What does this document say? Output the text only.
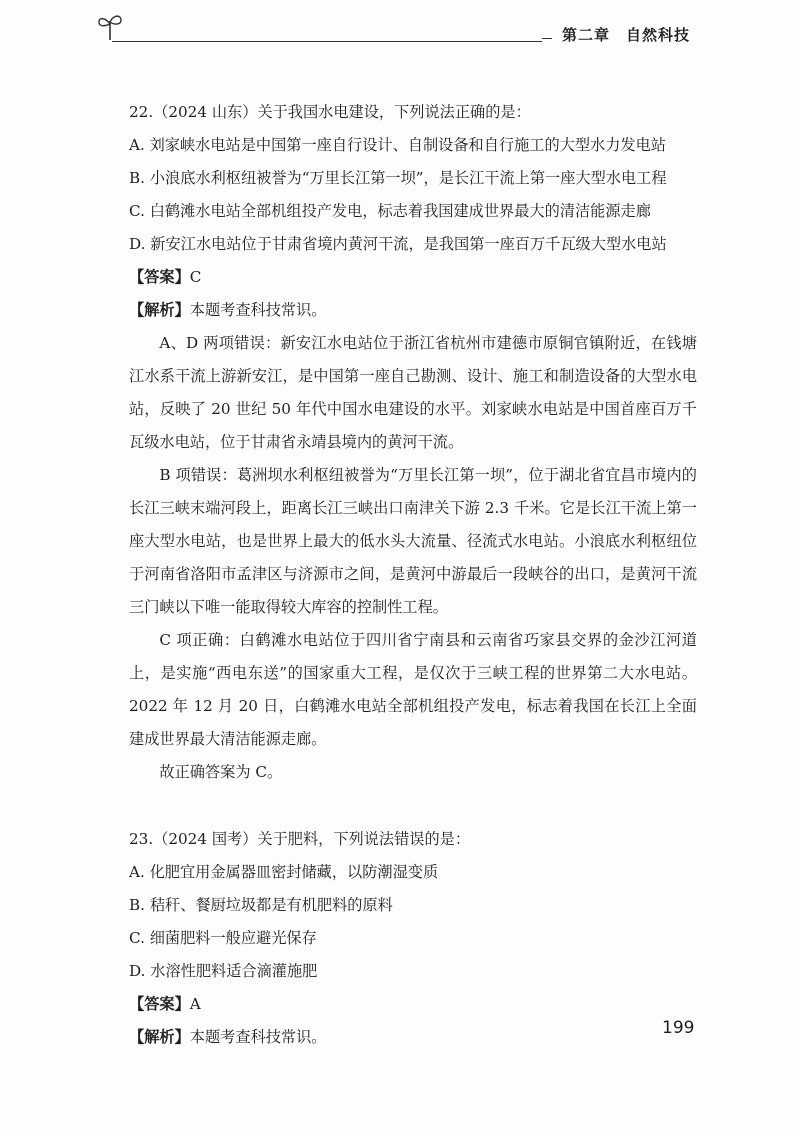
第二章 自然科技

22.（2024 山东）关于我国水电建设，下列说法正确的是：

A. 刘家峡水电站是中国第一座自行设计、自制设备和自行施工的大型水力发电站

B. 小浪底水利枢纽被誉为“万里长江第一坝”，是长江干流上第一座大型水电工程

C. 白鹤滩水电站全部机组投产发电，标志着我国建成世界最大的清洁能源走廊

D. 新安江水电站位于甘肃省境内黄河干流，是我国第一座百万千瓦级大型水电站

【答案】C

【解析】本题考查科技常识。

A、D 两项错误：新安江水电站位于浙江省杭州市建德市原铜官镇附近，在钱塘江水系干流上游新安江，是中国第一座自己勘测、设计、施工和制造设备的大型水电站，反映了 20 世纪 50 年代中国水电建设的水平。刘家峡水电站是中国首座百万千瓦级水电站，位于甘肃省永靖县境内的黄河干流。

B 项错误：葛洲坝水利枢纽被誉为“万里长江第一坝”，位于湖北省宜昌市境内的长江三峡末端河段上，距离长江三峡出口南津关下游 2.3 千米。它是长江干流上第一座大型水电站，也是世界上最大的低水头大流量、径流式水电站。小浪底水利枢纽位于河南省洛阳市孟津区与济源市之间，是黄河中游最后一段峡谷的出口，是黄河干流三门峡以下唯一能取得较大库容的控制性工程。

C 项正确：白鹤滩水电站位于四川省宁南县和云南省巧家县交界的金沙江河道上，是实施“西电东送”的国家重大工程，是仅次于三峡工程的世界第二大水电站。2022 年 12 月 20 日，白鹤滩水电站全部机组投产发电，标志着我国在长江上全面建成世界最大清洁能源走廊。

故正确答案为 C。

23.（2024 国考）关于肥料，下列说法错误的是：

A. 化肥宜用金属器皿密封储藏，以防潮湿变质

B. 秸秆、餐厨垃圾都是有机肥料的原料

C. 细菌肥料一般应避光保存

D. 水溶性肥料适合滴灌施肥

【答案】A

【解析】本题考查科技常识。	199
